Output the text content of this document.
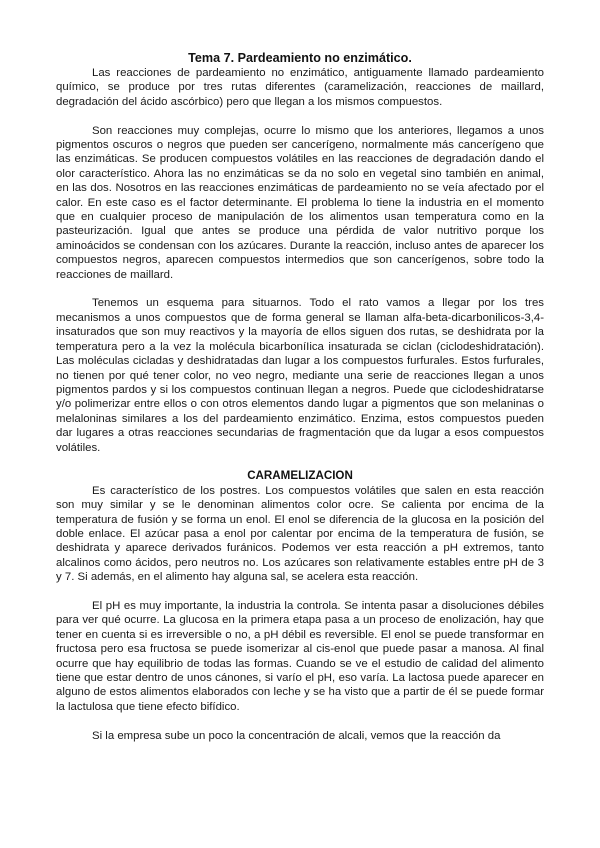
Tema 7. Pardeamiento no enzimático.

Las reacciones de pardeamiento no enzimático, antiguamente llamado pardeamiento químico, se produce por tres rutas diferentes (caramelización, reacciones de maillard, degradación del ácido ascórbico) pero que llegan a los mismos compuestos.

Son reacciones muy complejas, ocurre lo mismo que los anteriores, llegamos a unos pigmentos oscuros o negros que pueden ser cancerígeno, normalmente más cancerígeno que las enzimáticas. Se producen compuestos volátiles en las reacciones de degradación dando el olor característico. Ahora las no enzimáticas se da no solo en vegetal sino también en animal, en las dos. Nosotros en las reacciones enzimáticas de pardeamiento no se veía afectado por el calor. En este caso es el factor determinante. El problema lo tiene la industria en el momento que en cualquier proceso de manipulación de los alimentos usan temperatura como en la pasteurización. Igual que antes se produce una pérdida de valor nutritivo porque los aminoácidos se condensan con los azúcares. Durante la reacción, incluso antes de aparecer los compuestos negros, aparecen compuestos intermedios que son cancerígenos, sobre todo la reacciones de maillard.

Tenemos un esquema para situarnos. Todo el rato vamos a llegar por los tres mecanismos a unos compuestos que de forma general se llaman alfa-beta-dicarbonilicos-3,4-insaturados que son muy reactivos y la mayoría de ellos siguen dos rutas, se deshidrata por la temperatura pero a la vez la molécula bicarboníIica insaturada se ciclan (ciclodeshidratación). Las moléculas cicladas y deshidratadas dan lugar a los compuestos furfurales. Estos furfurales, no tienen por qué tener color, no veo negro, mediante una serie de reacciones llegan a unos pigmentos pardos y si los compuestos continuan llegan a negros. Puede que ciclodeshidratarse y/o polimerizar entre ellos o con otros elementos dando lugar a pigmentos que son melaninas o melaloninas similares a los del pardeamiento enzimático. Enzima, estos compuestos pueden dar lugares a otras reacciones secundarias de fragmentación que da lugar a esos compuestos volátiles.

CARAMELIZACION

Es característico de los postres. Los compuestos volátiles que salen en esta reacción son muy similar y se le denominan alimentos color ocre. Se calienta por encima de la temperatura de fusión y se forma un enol. El enol se diferencia de la glucosa en la posición del doble enlace. El azúcar pasa a enol por calentar por encima de la temperatura de fusión, se deshidrata y aparece derivados furánicos. Podemos ver esta reacción a pH extremos, tanto alcalinos como ácidos, pero neutros no. Los azúcares son relativamente estables entre pH de 3 y 7. Si además, en el alimento hay alguna sal, se acelera esta reacción.

El pH es muy importante, la industria la controla. Se intenta pasar a disoluciones débiles para ver qué ocurre. La glucosa en la primera etapa pasa a un proceso de enolización, hay que tener en cuenta si es irreversible o no, a pH débil es reversible. El enol se puede transformar en fructosa pero esa fructosa se puede isomerizar al cis-enol que puede pasar a manosa. Al final ocurre que hay equilibrio de todas las formas. Cuando se ve el estudio de calidad del alimento tiene que estar dentro de unos cánones, si varío el pH, eso varía. La lactosa puede aparecer en alguno de estos alimentos elaborados con leche y se ha visto que a partir de él se puede formar la lactulosa que tiene efecto bifídico.

Si la empresa sube un poco la concentración de alcali, vemos que la reacción da
